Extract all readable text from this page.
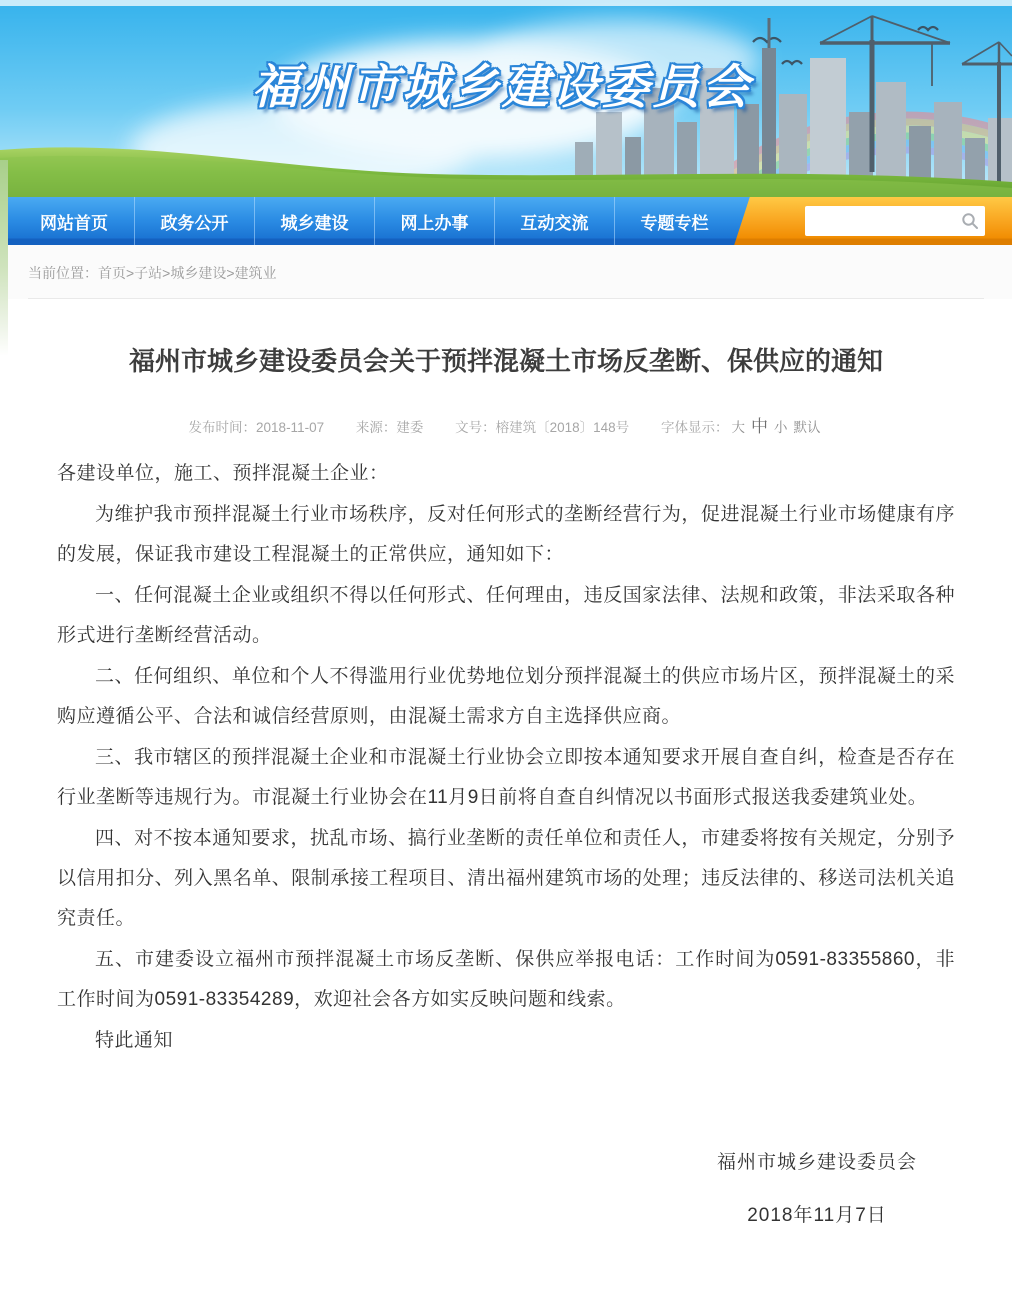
福州市城乡建设委员会
网站首页	政务公开	城乡建设	网上办事	互动交流	专题专栏
当前位置：首页>子站>城乡建设>建筑业
福州市城乡建设委员会关于预拌混凝土市场反垄断、保供应的通知
发布时间：2018-11-07 来源：建委 文号：榕建筑〔2018〕148号 字体显示： 大 中 小 默认

各建设单位，施工、预拌混凝土企业：

为维护我市预拌混凝土行业市场秩序，反对任何形式的垄断经营行为，促进混凝土行业市场健康有序的发展，保证我市建设工程混凝土的正常供应，通知如下：

一、任何混凝土企业或组织不得以任何形式、任何理由，违反国家法律、法规和政策，非法采取各种形式进行垄断经营活动。

二、任何组织、单位和个人不得滥用行业优势地位划分预拌混凝土的供应市场片区，预拌混凝土的采购应遵循公平、合法和诚信经营原则，由混凝土需求方自主选择供应商。

三、我市辖区的预拌混凝土企业和市混凝土行业协会立即按本通知要求开展自查自纠，检查是否存在行业垄断等违规行为。市混凝土行业协会在11月9日前将自查自纠情况以书面形式报送我委建筑业处。

四、对不按本通知要求，扰乱市场、搞行业垄断的责任单位和责任人，市建委将按有关规定，分别予以信用扣分、列入黑名单、限制承接工程项目、清出福州建筑市场的处理；违反法律的、移送司法机关追究责任。

五、市建委设立福州市预拌混凝土市场反垄断、保供应举报电话：工作时间为0591-83355860，非工作时间为0591-83354289，欢迎社会各方如实反映问题和线索。

特此通知

福州市城乡建设委员会
2018年11月7日
